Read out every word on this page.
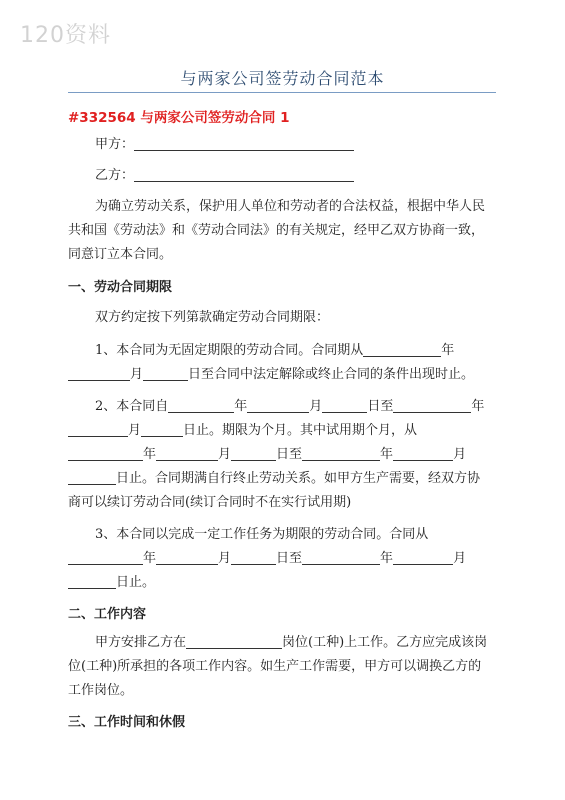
120资料
与两家公司签劳动合同范本
#332564 与两家公司签劳动合同 1
甲方：
乙方：
为确立劳动关系，保护用人单位和劳动者的合法权益，根据中华人民
共和国《劳动法》和《劳动合同法》的有关规定，经甲乙双方协商一致，
同意订立本合同。
一、劳动合同期限
双方约定按下列第款确定劳动合同期限：
1、本合同为无固定期限的劳动合同。合同期从	年
月	日至合同中法定解除或终止合同的条件出现时止。
2、本合同自	年	月	日至	年
月	日止。期限为个月。其中试用期个月，从
年	月	日至	年	月
日止。合同期满自行终止劳动关系。如甲方生产需要，经双方协
商可以续订劳动合同(续订合同时不在实行试用期)
3、本合同以完成一定工作任务为期限的劳动合同。合同从
年	月	日至	年	月
日止。
二、工作内容
甲方安排乙方在	岗位(工种)上工作。乙方应完成该岗
位(工种)所承担的各项工作内容。如生产工作需要，甲方可以调换乙方的
工作岗位。
三、工作时间和休假
